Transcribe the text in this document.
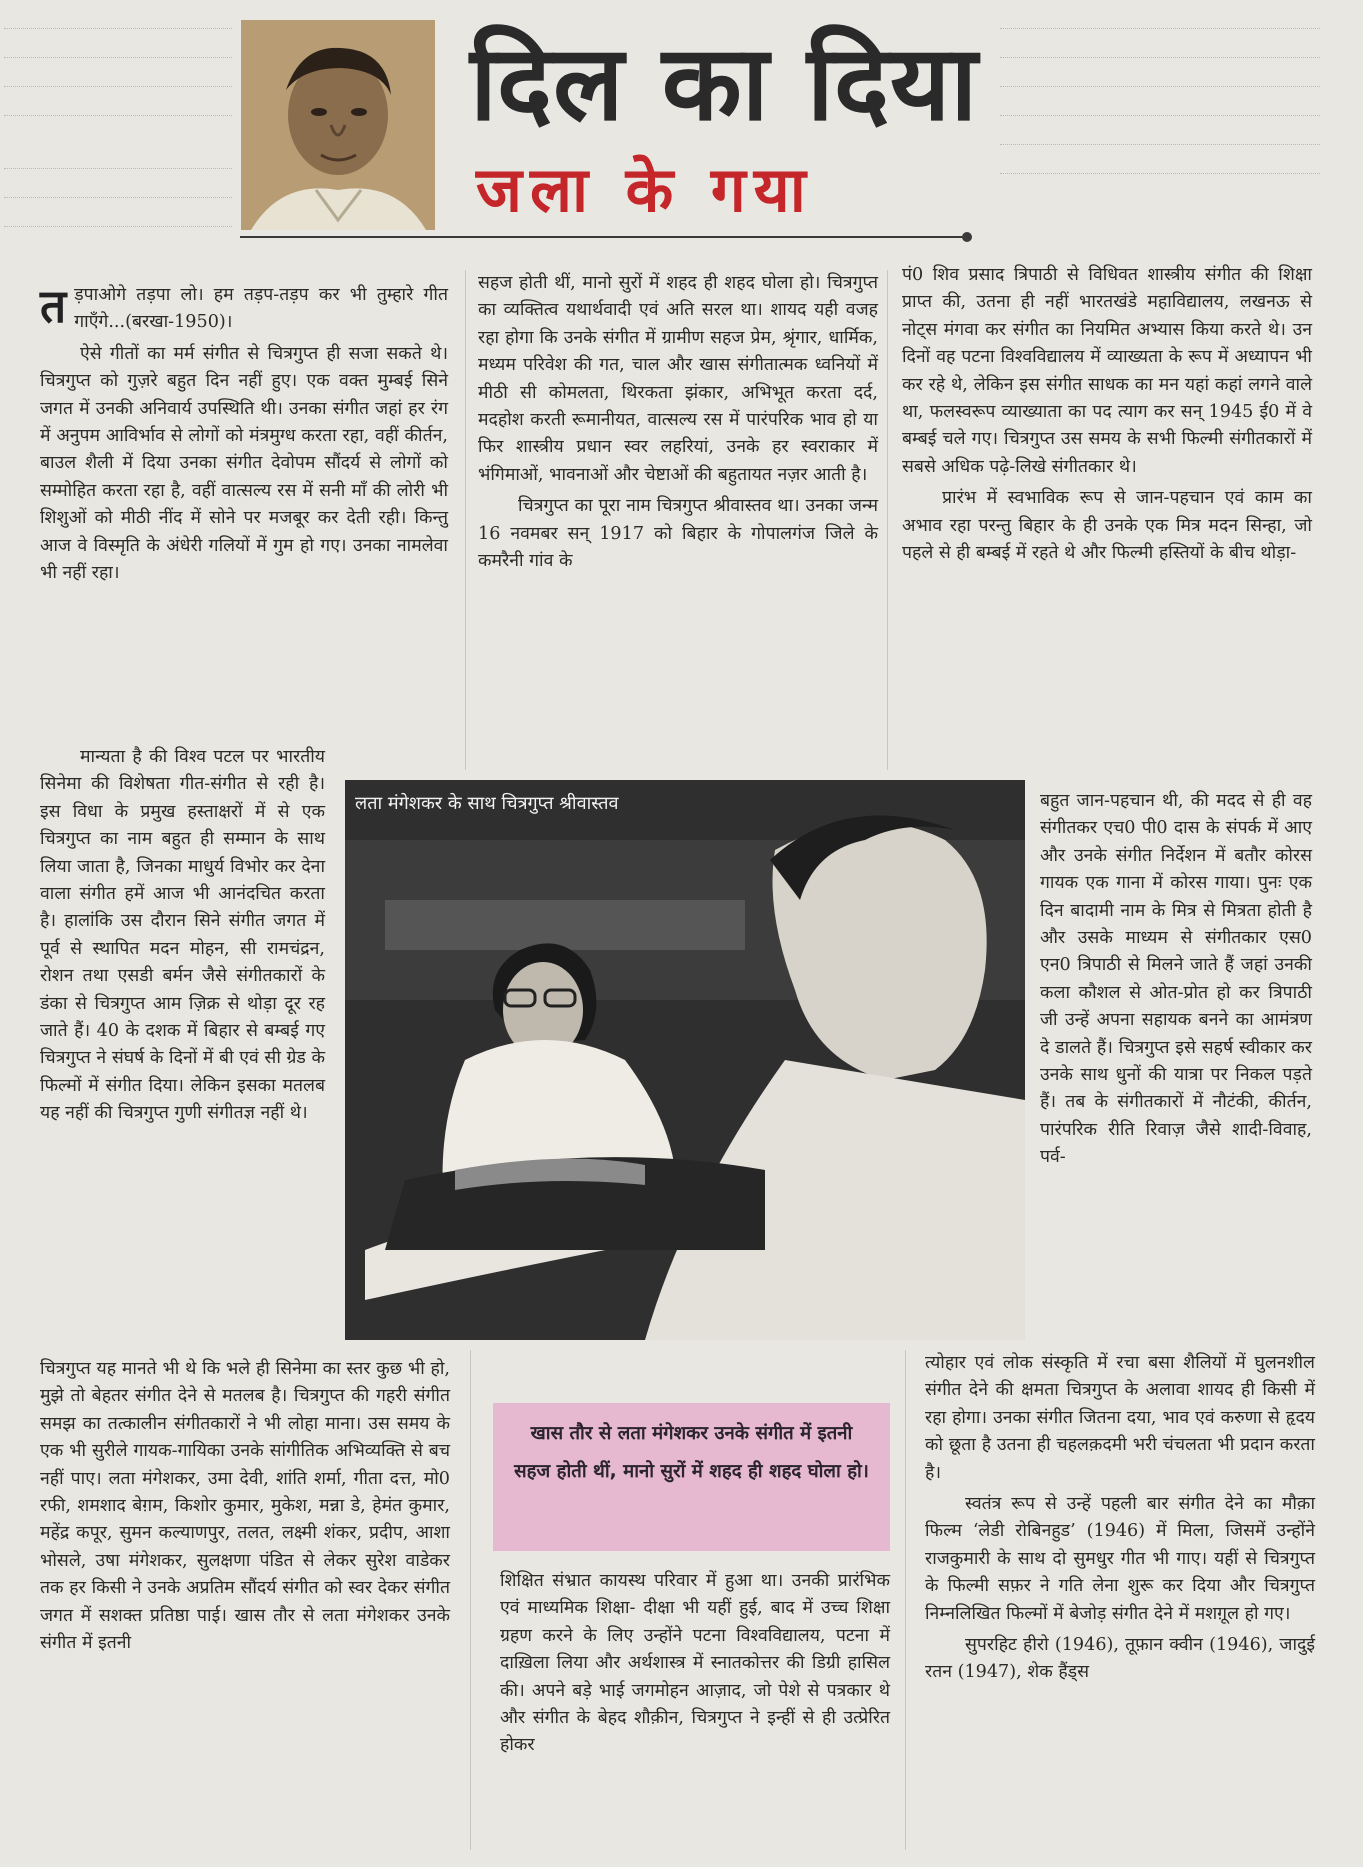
दिल का दिया
जला के गया
त ड़पाओगे तड़पा लो। हम तड़प-तड़प कर भी तुम्हारे गीत गाएँगे...(बरखा-1950)।

ऐसे गीतों का मर्म संगीत से चित्रगुप्त ही सजा सकते थे। चित्रगुप्त को गुज़रे बहुत दिन नहीं हुए। एक वक्त मुम्बई सिने जगत में उनकी अनिवार्य उपस्थिति थी। उनका संगीत जहां हर रंग में अनुपम आविर्भाव से लोगों को मंत्रमुग्ध करता रहा, वहीं कीर्तन, बाउल शैली में दिया उनका संगीत देवोपम सौंदर्य से लोगों को सम्मोहित करता रहा है, वहीं वात्सल्य रस में सनी माँ की लोरी भी शिशुओं को मीठी नींद में सोने पर मजबूर कर देती रही। किन्तु आज वे विस्मृति के अंधेरी गलियों में गुम हो गए। उनका नामलेवा भी नहीं रहा।

मान्यता है की विश्व पटल पर भारतीय सिनेमा की विशेषता गीत-संगीत से रही है। इस विधा के प्रमुख हस्ताक्षरों में से एक चित्रगुप्त का नाम बहुत ही सम्मान के साथ लिया जाता है, जिनका माधुर्य विभोर कर देना वाला संगीत हमें आज भी आनंदचित करता है। हालांकि उस दौरान सिने संगीत जगत में पूर्व से स्थापित मदन मोहन, सी रामचंद्रन, रोशन तथा एसडी बर्मन जैसे संगीतकारों के डंका से चित्रगुप्त आम ज़िक्र से थोड़ा दूर रह जाते हैं। 40 के दशक में बिहार से बम्बई गए चित्रगुप्त ने संघर्ष के दिनों में बी एवं सी ग्रेड के फिल्मों में संगीत दिया। लेकिन इसका मतलब यह नहीं की चित्रगुप्त गुणी संगीतज्ञ नहीं थे।

चित्रगुप्त यह मानते भी थे कि भले ही सिनेमा का स्तर कुछ भी हो, मुझे तो बेहतर संगीत देने से मतलब है। चित्रगुप्त की गहरी संगीत समझ का तत्कालीन संगीतकारों ने भी लोहा माना। उस समय के एक भी सुरीले गायक-गायिका उनके सांगीतिक अभिव्यक्ति से बच नहीं पाए। लता मंगेशकर, उमा देवी, शांति शर्मा, गीता दत्त, मो0 रफी, शमशाद बेग़म, किशोर कुमार, मुकेश, मन्ना डे, हेमंत कुमार, महेंद्र कपूर, सुमन कल्याणपुर, तलत, लक्ष्मी शंकर, प्रदीप, आशा भोसले, उषा मंगेशकर, सुलक्षणा पंडित से लेकर सुरेश वाडेकर तक हर किसी ने उनके अप्रतिम सौंदर्य संगीत को स्वर देकर संगीत जगत में सशक्त प्रतिष्ठा पाई। खास तौर से लता मंगेशकर उनके संगीत में इतनी

सहज होती थीं, मानो सुरों में शहद ही शहद घोला हो। चित्रगुप्त का व्यक्तित्व यथार्थवादी एवं अति सरल था। शायद यही वजह रहा होगा कि उनके संगीत में ग्रामीण सहज प्रेम, श्रृंगार, धार्मिक, मध्यम परिवेश की गत, चाल और खास संगीतात्मक ध्वनियों में मीठी सी कोमलता, थिरकता झंकार, अभिभूत करता दर्द, मदहोश करती रूमानीयत, वात्सल्य रस में पारंपरिक भाव हो या फिर शास्त्रीय प्रधान स्वर लहरियां, उनके हर स्वराकार में भंगिमाओं, भावनाओं और चेष्टाओं की बहुतायत नज़र आती है।

चित्रगुप्त का पूरा नाम चित्रगुप्त श्रीवास्तव था। उनका जन्म 16 नवमबर सन् 1917 को बिहार के गोपालगंज जिले के कमरैनी गांव के

पं0 शिव प्रसाद त्रिपाठी से विधिवत शास्त्रीय संगीत की शिक्षा प्राप्त की, उतना ही नहीं भारतखंडे महाविद्यालय, लखनऊ से नोट्स मंगवा कर संगीत का नियमित अभ्यास किया करते थे। उन दिनों वह पटना विश्वविद्यालय में व्याख्यता के रूप में अध्यापन भी कर रहे थे, लेकिन इस संगीत साधक का मन यहां कहां लगने वाले था, फलस्वरूप व्याख्याता का पद त्याग कर सन् 1945 ई0 में वे बम्बई चले गए। चित्रगुप्त उस समय के सभी फिल्मी संगीतकारों में सबसे अधिक पढ़े-लिखे संगीतकार थे।

प्रारंभ में स्वभाविक रूप से जान-पहचान एवं काम का अभाव रहा परन्तु बिहार के ही उनके एक मित्र मदन सिन्हा, जो पहले से ही बम्बई में रहते थे और फिल्मी हस्तियों के बीच थोड़ा-

बहुत जान-पहचान थी, की मदद से ही वह संगीतकर एच0 पी0 दास के संपर्क में आए और उनके संगीत निर्देशन में बतौर कोरस गायक एक गाना में कोरस गाया। पुनः एक दिन बादामी नाम के मित्र से मित्रता होती है और उसके माध्यम से संगीतकार एस0 एन0 त्रिपाठी से मिलने जाते हैं जहां उनकी कला कौशल से ओत-प्रोत हो कर त्रिपाठी जी उन्हें अपना सहायक बनने का आमंत्रण दे डालते हैं। चित्रगुप्त इसे सहर्ष स्वीकार कर उनके साथ धुनों की यात्रा पर निकल पड़ते हैं। तब के संगीतकारों में नौटंकी, कीर्तन, पारंपरिक रीति रिवाज़ जैसे शादी-विवाह, पर्व-

त्योहार एवं लोक संस्कृति में रचा बसा शैलियों में घुलनशील संगीत देने की क्षमता चित्रगुप्त के अलावा शायद ही किसी में रहा होगा। उनका संगीत जितना दया, भाव एवं करुणा से हृदय को छूता है उतना ही चहलक़दमी भरी चंचलता भी प्रदान करता है।

स्वतंत्र रूप से उन्हें पहली बार संगीत देने का मौक़ा फिल्म ‘लेडी रोबिनहुड’ (1946) में मिला, जिसमें उन्होंने राजकुमारी के साथ दो सुमधुर गीत भी गाए। यहीं से चित्रगुप्त के फिल्मी सफ़र ने गति लेना शुरू कर दिया और चित्रगुप्त निम्नलिखित फिल्मों में बेजोड़ संगीत देने में मशग़ूल हो गए।

सुपरहिट हीरो (1946), तूफ़ान क्वीन (1946), जादुई रतन (1947), शेक हैंड्स

लता मंगेशकर के साथ चित्रगुप्त श्रीवास्तव
खास तौर से लता मंगेशकर उनके संगीत में इतनी सहज होती थीं, मानो सुरों में शहद ही शहद घोला हो।

शिक्षित संभ्रात कायस्थ परिवार में हुआ था। उनकी प्रारंभिक एवं माध्यमिक शिक्षा- दीक्षा भी यहीं हुई, बाद में उच्च शिक्षा ग्रहण करने के लिए उन्होंने पटना विश्वविद्यालय, पटना में दाख़िला लिया और अर्थशास्त्र में स्नातकोत्तर की डिग्री हासिल की। अपने बड़े भाई जगमोहन आज़ाद, जो पेशे से पत्रकार थे और संगीत के बेहद शौक़ीन, चित्रगुप्त ने इन्हीं से ही उत्प्रेरित होकर
